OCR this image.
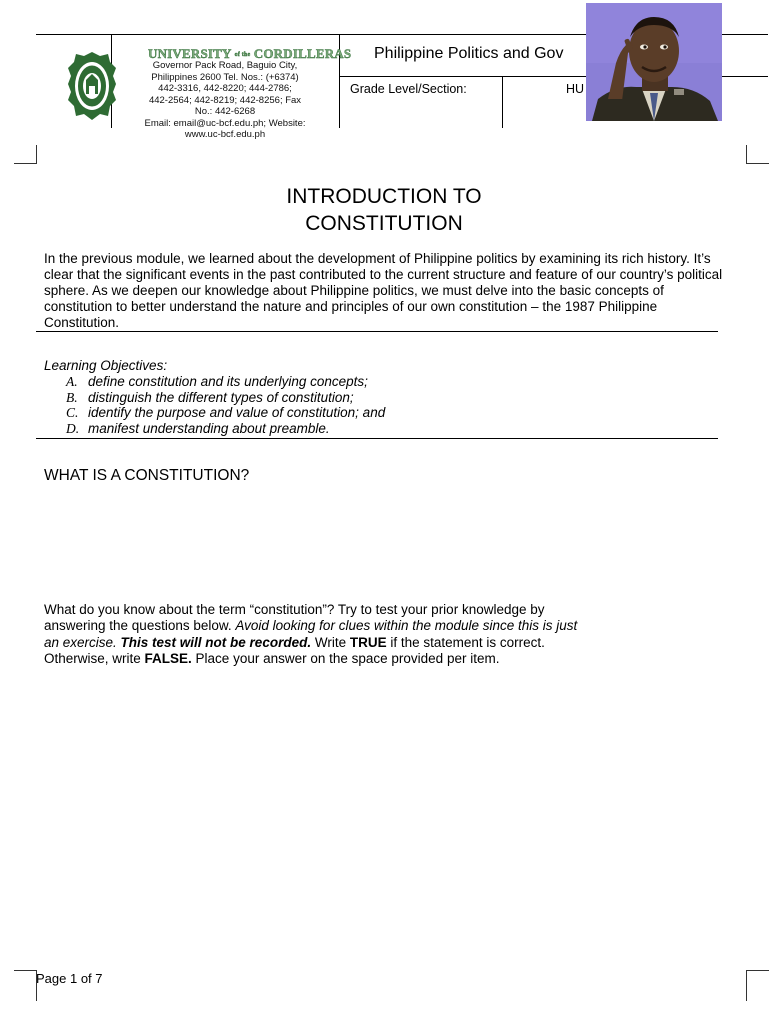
UNIVERSITY of the CORDILLERAS
Governor Pack Road, Baguio City,
Philippines 2600 Tel. Nos.: (+6374)
442-3316, 442-8220; 444-2786;
442-2564; 442-8219; 442-8256; Fax
No.: 442-6268
Email: email@uc-bcf.edu.ph; Website:
www.uc-bcf.edu.ph
Philippine Politics and Gov
Grade Level/Section:	HU
INTRODUCTION TO
CONSTITUTION

In the previous module, we learned about the development of Philippine politics by examining its rich history. It’s clear that the significant events in the past contributed to the current structure and feature of our country’s political sphere. As we deepen our knowledge about Philippine politics, we must delve into the basic concepts of constitution to better understand the nature and principles of our own constitution – the 1987 Philippine Constitution.

Learning Objectives:
A. define constitution and its underlying concepts;
B. distinguish the different types of constitution;
C. identify the purpose and value of constitution; and
D. manifest understanding about preamble.
WHAT IS A CONSTITUTION?

What do you know about the term “constitution”? Try to test your prior knowledge by answering the questions below. Avoid looking for clues within the module since this is just an exercise. This test will not be recorded. Write TRUE if the statement is correct. Otherwise, write FALSE. Place your answer on the space provided per item.

Page 1 of 7
